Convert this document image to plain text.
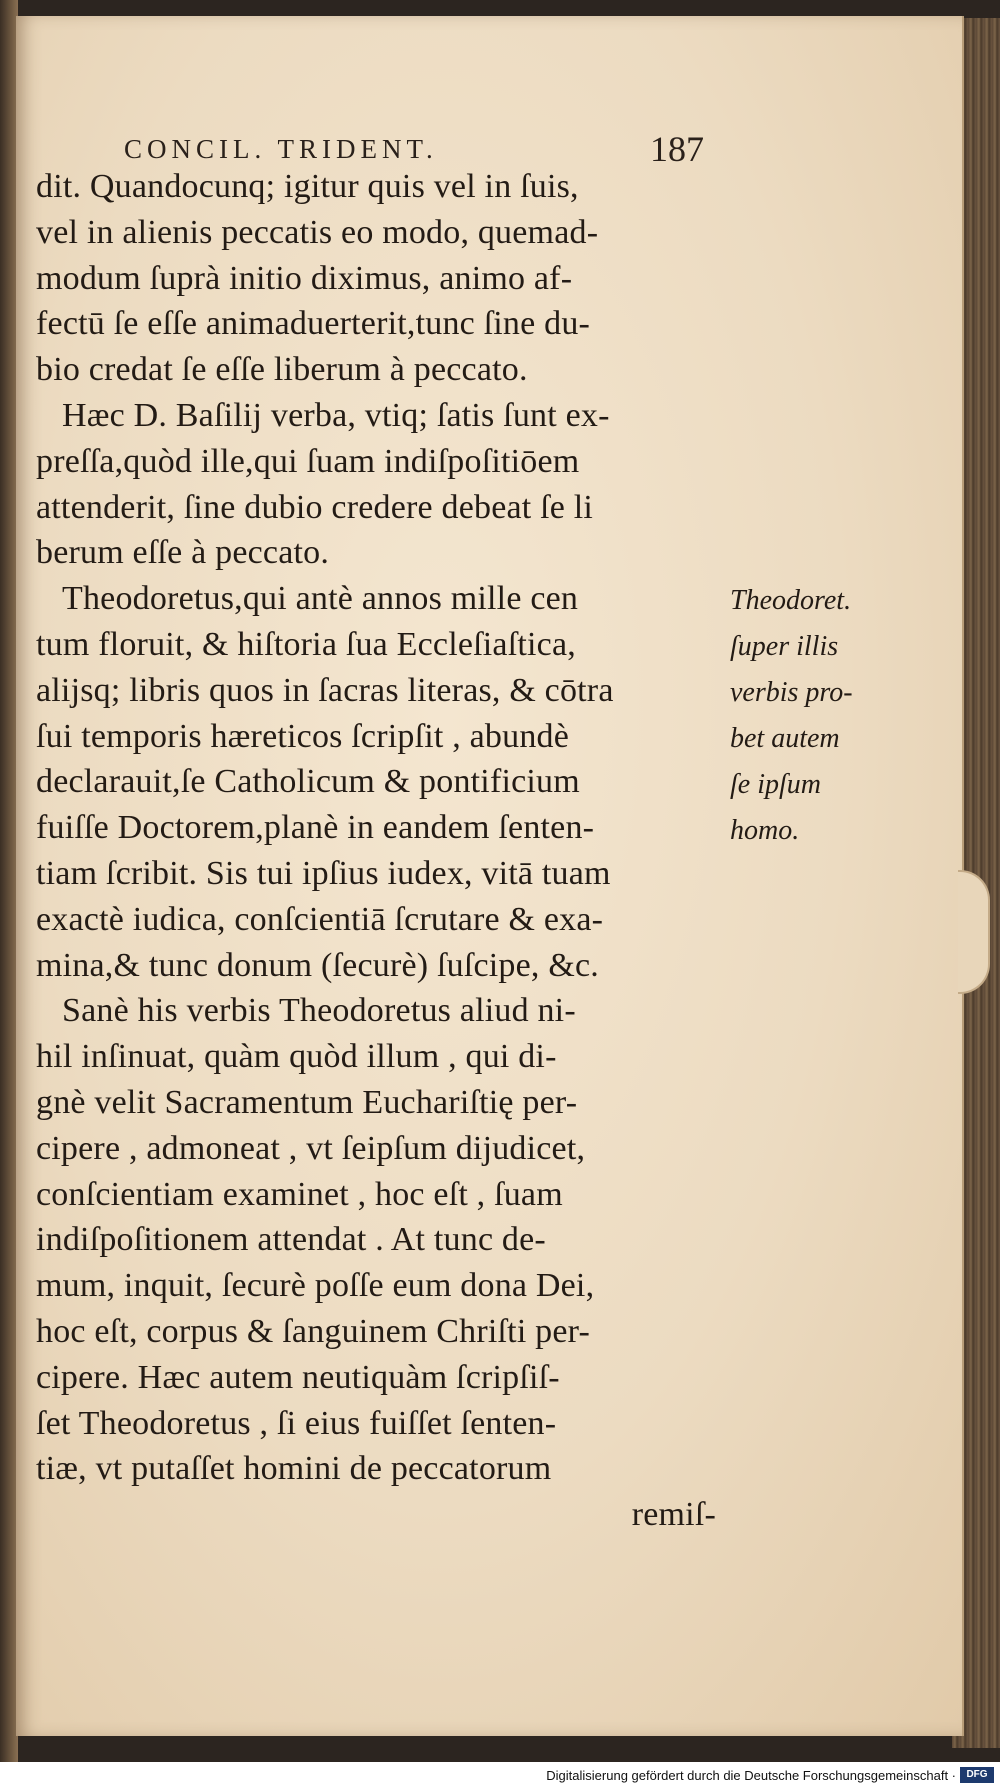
CONCIL. TRIDENT.	187
dit. Quandocunq; igitur quis vel in ſuis,
vel in alienis peccatis eo modo, quemad-
modum ſuprà initio diximus, animo af-
fectū ſe eſſe animaduerterit,tunc ſine du-
bio credat ſe eſſe liberum à peccato.
Hæc D. Baſilij verba, vtiq; ſatis ſunt ex-
preſſa,quòd ille,qui ſuam indiſpoſitiōem
attenderit, ſine dubio credere debeat ſe li
berum eſſe à peccato.
Theodoretus,qui antè annos mille cen
tum floruit, & hiſtoria ſua Eccleſiaſtica,
alijsq; libris quos in ſacras literas, & cōtra
ſui temporis hæreticos ſcripſit , abundè
declarauit,ſe Catholicum & pontificium
fuiſſe Doctorem,planè in eandem ſenten-
tiam ſcribit. Sis tui ipſius iudex, vitā tuam
exactè iudica, conſcientiā ſcrutare & exa-
mina,& tunc donum (ſecurè) ſuſcipe, &c.
Sanè his verbis Theodoretus aliud ni-
hil inſinuat, quàm quòd illum , qui di-
gnè velit Sacramentum Euchariſtię per-
cipere , admoneat , vt ſeipſum dijudicet,
conſcientiam examinet , hoc eſt , ſuam
indiſpoſitionem attendat . At tunc de-
mum, inquit, ſecurè poſſe eum dona Dei,
hoc eſt, corpus & ſanguinem Chriſti per-
cipere. Hæc autem neutiquàm ſcripſiſ-
ſet Theodoretus , ſi eius fuiſſet ſenten-
tiæ, vt putaſſet homini de peccatorum
remiſ-
Theodoret.
ſuper illis
verbis pro-
bet autem
ſe ipſum
homo.
Digitalisierung gefördert durch die Deutsche Forschungsgemeinschaft ·	DFG
